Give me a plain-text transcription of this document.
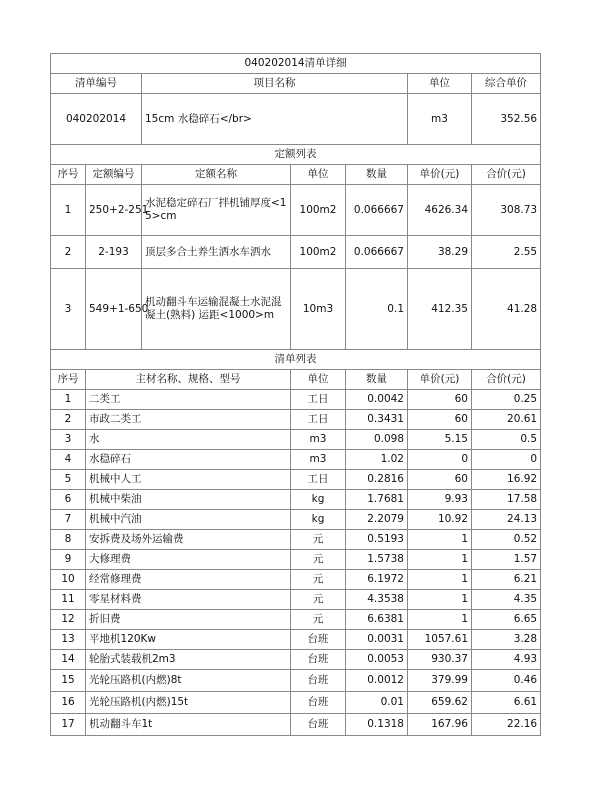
040202014清单详细						
清单编号		项目名称			单位	综合单价
040202014		15cm 水稳碎石</br>			m3	352.56
定额列表						
序号	定额编号	定额名称	单位	数量	单价(元)	合价(元)
1	250+2-251	水泥稳定碎石厂拌机铺厚度<15>cm	100m2	0.066667	4626.34	308.73
2	2-193	顶层多合土养生洒水车洒水	100m2	0.066667	38.29	2.55
3	549+1-650	机动翻斗车运输混凝土水泥混凝土(熟料) 运距<1000>m	10m3	0.1	412.35	41.28
清单列表						
序号	主材名称、规格、型号		单位	数量	单价(元)	合价(元)
1	二类工		工日	0.0042	60	0.25
2	市政二类工		工日	0.3431	60	20.61
3	水		m3	0.098	5.15	0.5
4	水稳碎石		m3	1.02	0	0
5	机械中人工		工日	0.2816	60	16.92
6	机械中柴油		kg	1.7681	9.93	17.58
7	机械中汽油		kg	2.2079	10.92	24.13
8	安拆费及场外运输费		元	0.5193	1	0.52
9	大修理费		元	1.5738	1	1.57
10	经常修理费		元	6.1972	1	6.21
11	零星材料费		元	4.3538	1	4.35
12	折旧费		元	6.6381	1	6.65
13	平地机120Kw		台班	0.0031	1057.61	3.28
14	轮胎式装载机2m3		台班	0.0053	930.37	4.93
15	光轮压路机(内燃)8t		台班	0.0012	379.99	0.46
16	光轮压路机(内燃)15t		台班	0.01	659.62	6.61
17	机动翻斗车1t		台班	0.1318	167.96	22.16
